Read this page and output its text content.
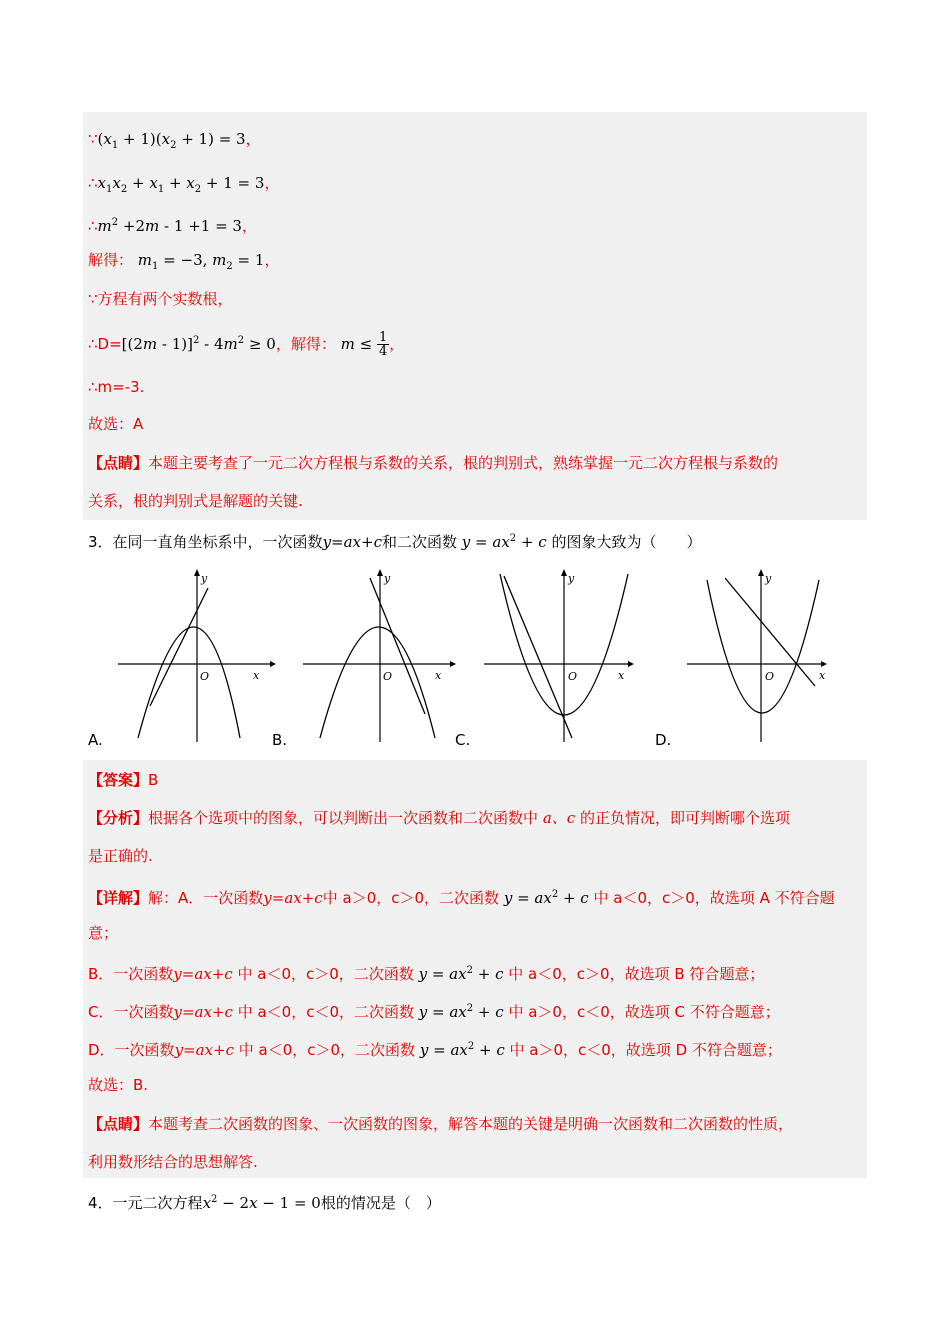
$\because(x_1 + 1)(x_2 + 1) = 3$，
$\therefore x_1x_2 + x_1 + x_2 + 1 = 3$，
$\therefore m^2 +2m - 1 +1 = 3$，
解得： $m_1 = -3$, $m_2 = 1$，
∵方程有两个实数根，
∴D=[(2m - $1)]^2 - 4m^2 \ge 0$，解得： $m \le \frac{1}{4}$ ，
∴m=-3.
故选：A
【点睛】本题主要考查了一元二次方程根与系数的关系，根的判别式，熟练掌握一元二次方程根与系数的
关系，根的判别式是解题的关键.
3．在同一直角坐标系中，一次函数y=ax+c和二次函数 $y = ax^2 + c$ 的图象大致为（　　）
y
x
O
y
x
O
y
x
O
y
x
O
A.	B.	C.	D.
【答案】B
【分析】根据各个选项中的图象，可以判断出一次函数和二次函数中 a、c 的正负情况，即可判断哪个选项
是正确的.
【详解】解：A．一次函数y=ax+c中 a＞0，c＞0，二次函数 $y = ax^2 + c$ 中 a＜0，c＞0，故选项 A 不符合题
意；
B．一次函数y=ax+c 中 a＜0，c＞0，二次函数 $y = ax^2 + c$ 中 a＜0，c＞0，故选项 B 符合题意；
C．一次函数y=ax+c 中 a＜0，c＜0，二次函数 $y = ax^2 + c$ 中 a＞0，c＜0，故选项 C 不符合题意；
D．一次函数y=ax+c 中 a＜0，c＞0，二次函数 $y = ax^2 + c$ 中 a＞0，c＜0，故选项 D 不符合题意；
故选：B.
【点睛】本题考查二次函数的图象、一次函数的图象，解答本题的关键是明确一次函数和二次函数的性质，
利用数形结合的思想解答.
4．一元二次方程$x^2 - 2x - 1 = 0$根的情况是（　）
